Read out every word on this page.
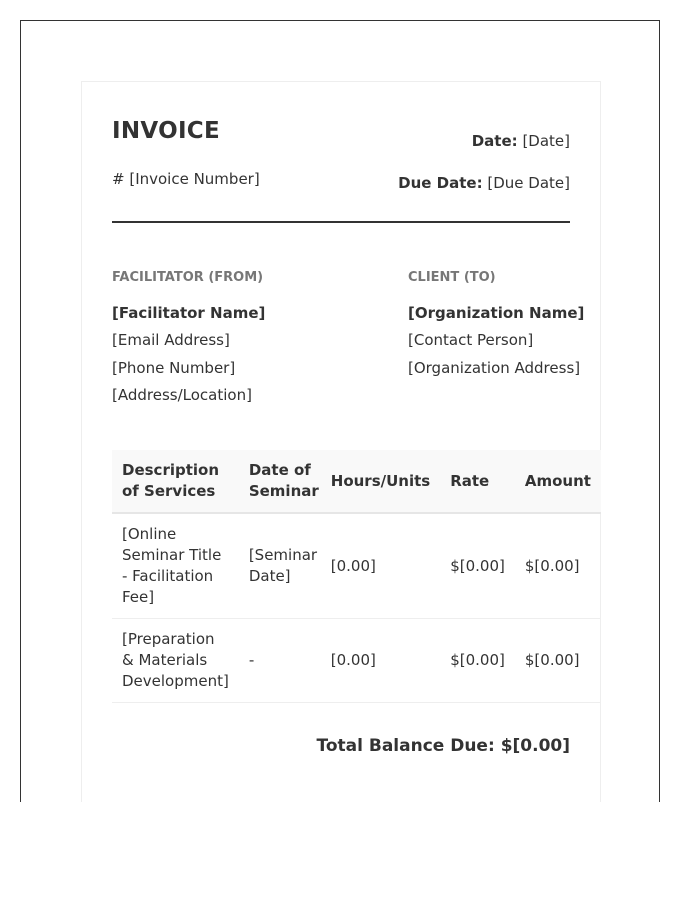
INVOICE
# [Invoice Number]
Date: [Date]
Due Date: [Due Date]
FACILITATOR (FROM)	CLIENT (TO)
[Facilitator Name]
[Email Address]
[Phone Number]
[Address/Location]
[Organization Name]
[Contact Person]
[Organization Address]
Description of Services	Date of Seminar	Hours/Units	Rate	Amount
[Online Seminar Title - Facilitation Fee]	[Seminar Date]	[0.00]	$[0.00]	$[0.00]
[Preparation & Materials Development]	-	[0.00]	$[0.00]	$[0.00]
Total Balance Due: $[0.00]
